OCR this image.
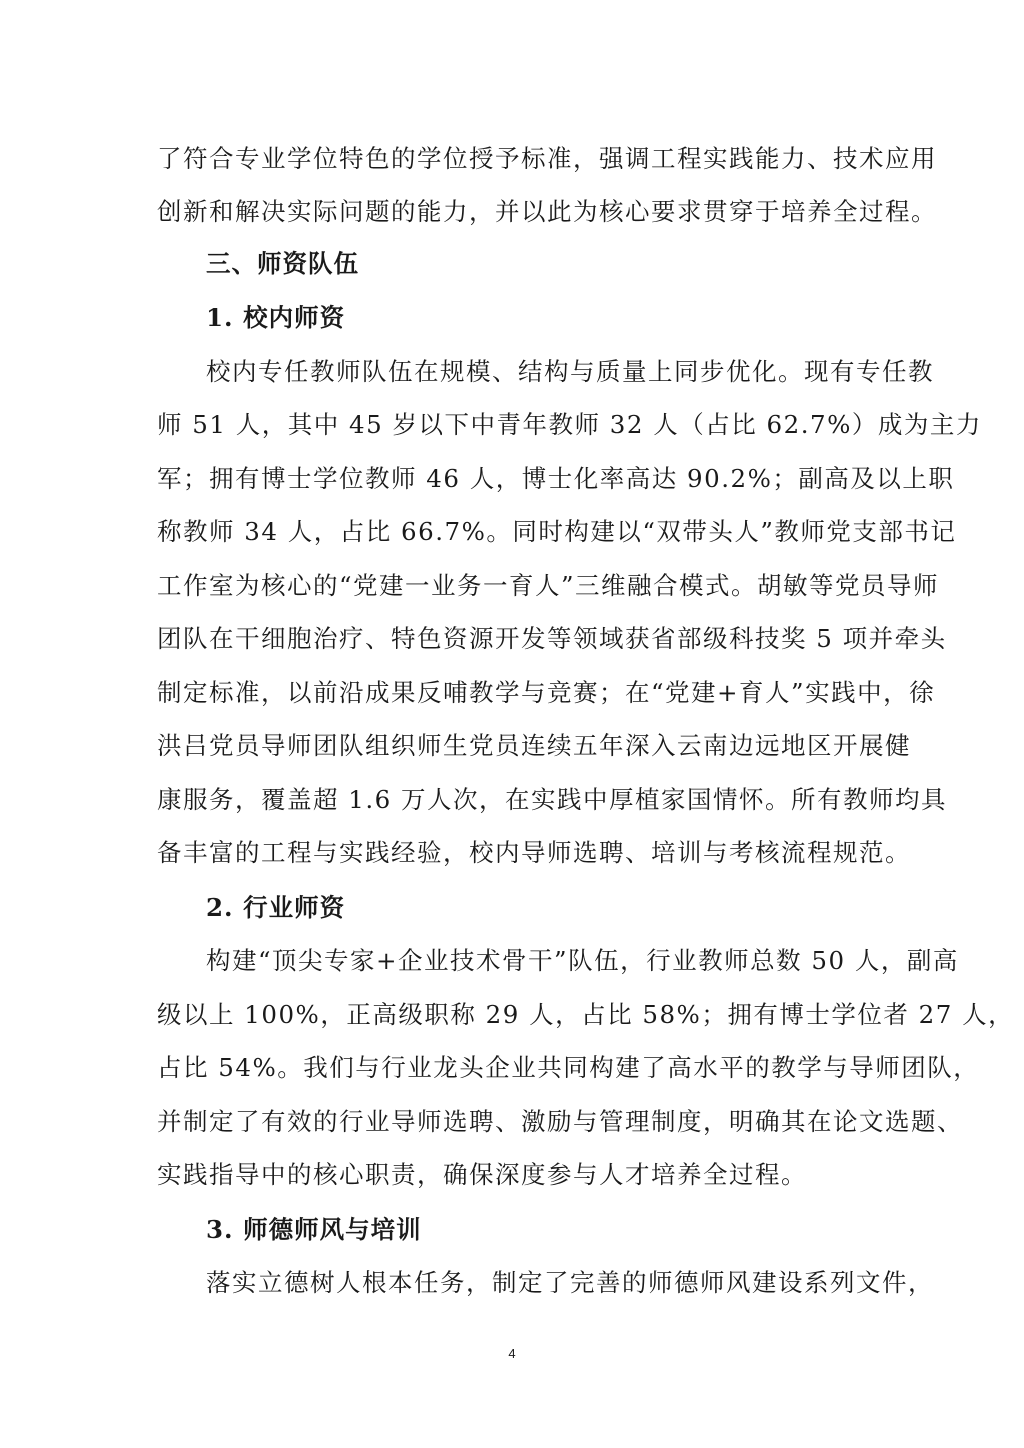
了符合专业学位特色的学位授予标准，强调工程实践能力、技术应用
创新和解决实际问题的能力，并以此为核心要求贯穿于培养全过程。
三、师资队伍
1. 校内师资
校内专任教师队伍在规模、结构与质量上同步优化。现有专任教
师 51 人，其中 45 岁以下中青年教师 32 人（占比 62.7%）成为主力
军；拥有博士学位教师 46 人，博士化率高达 90.2%；副高及以上职
称教师 34 人，占比 66.7%。同时构建以“双带头人”教师党支部书记
工作室为核心的“党建一业务一育人”三维融合模式。胡敏等党员导师
团队在干细胞治疗、特色资源开发等领域获省部级科技奖 5 项并牵头
制定标准，以前沿成果反哺教学与竞赛；在“党建+育人”实践中，徐
洪吕党员导师团队组织师生党员连续五年深入云南边远地区开展健
康服务，覆盖超 1.6 万人次，在实践中厚植家国情怀。所有教师均具
备丰富的工程与实践经验，校内导师选聘、培训与考核流程规范。
2. 行业师资
构建“顶尖专家+企业技术骨干”队伍，行业教师总数 50 人，副高
级以上 100%，正高级职称 29 人，占比 58%；拥有博士学位者 27 人，
占比 54%。我们与行业龙头企业共同构建了高水平的教学与导师团队，
并制定了有效的行业导师选聘、激励与管理制度，明确其在论文选题、
实践指导中的核心职责，确保深度参与人才培养全过程。
3. 师德师风与培训
落实立德树人根本任务，制定了完善的师德师风建设系列文件，
4
